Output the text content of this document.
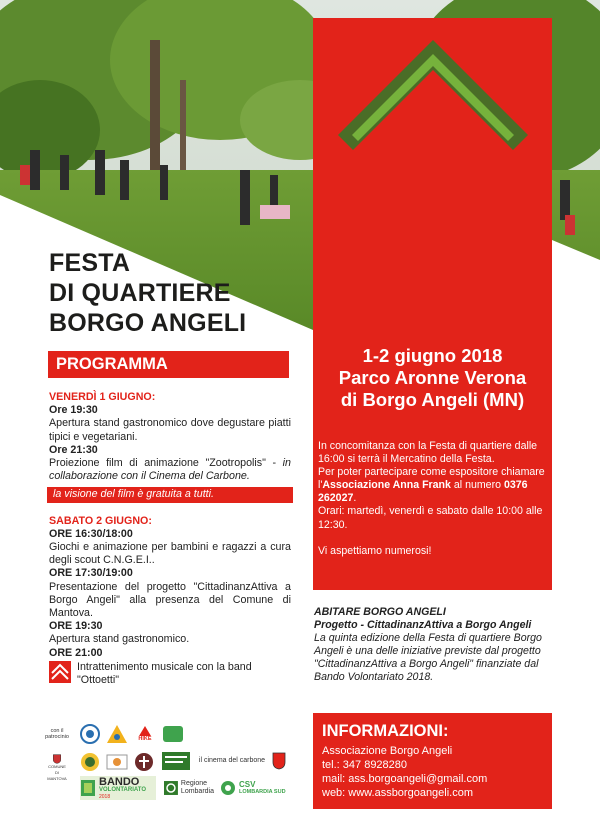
1-2 giugno 2018
Parco Aronne Verona
di Borgo Angeli (MN)

In concomitanza con la Festa di quartiere dalle 16:00 si terrà il Mercatino della Festa.

Per poter partecipare come espositore chiamare l'Associazione Anna Frank al numero 0376 262027.

Orari: martedì, venerdì e sabato dalle 10:00 alle 12:30.

Vi aspettiamo numerosi!

FESTA
DI QUARTIERE
BORGO ANGELI
PROGRAMMA
VENERDÌ 1 GIUGNO:
Ore 19:30
Apertura stand gastronomico dove degustare piatti tipici e vegetariani.
Ore 21:30
Proiezione film di animazione "Zootropolis" - in collaborazione con il Cinema del Carbone.
la visione del film è gratuita a tutti.
SABATO 2 GIUGNO:
ORE 16:30/18:00
Giochi e animazione per bambini e ragazzi a cura degli scout C.N.G.E.I..
ORE 17:30/19:00
Presentazione del progetto "CittadinanzAttiva a Borgo Angeli" alla presenza del Comune di Mantova.
ORE 19:30
Apertura stand gastronomico.
ORE 21:00
Intrattenimento musicale con la band "Ottoetti"
ABITARE BORGO ANGELI
Progetto - CittadinanzAttiva a Borgo Angeli
La quinta edizione della Festa di quartiere Borgo Angeli è una delle iniziative previste dal progetto "CittadinanzAttiva a Borgo Angeli" finanziate dal Bando Volontariato 2018.
INFORMAZIONI:
Associazione Borgo Angeli
tel.: 347 8928280
mail: ass.borgoangeli@gmail.com
web: www.assborgoangeli.com
con il patrocinio
COMUNE DI MANTOVA
HIKE
il cinema del carbone
BANDO
VOLONTARIATO
2018
Regione
Lombardia
CSV
LOMBARDIA SUD
